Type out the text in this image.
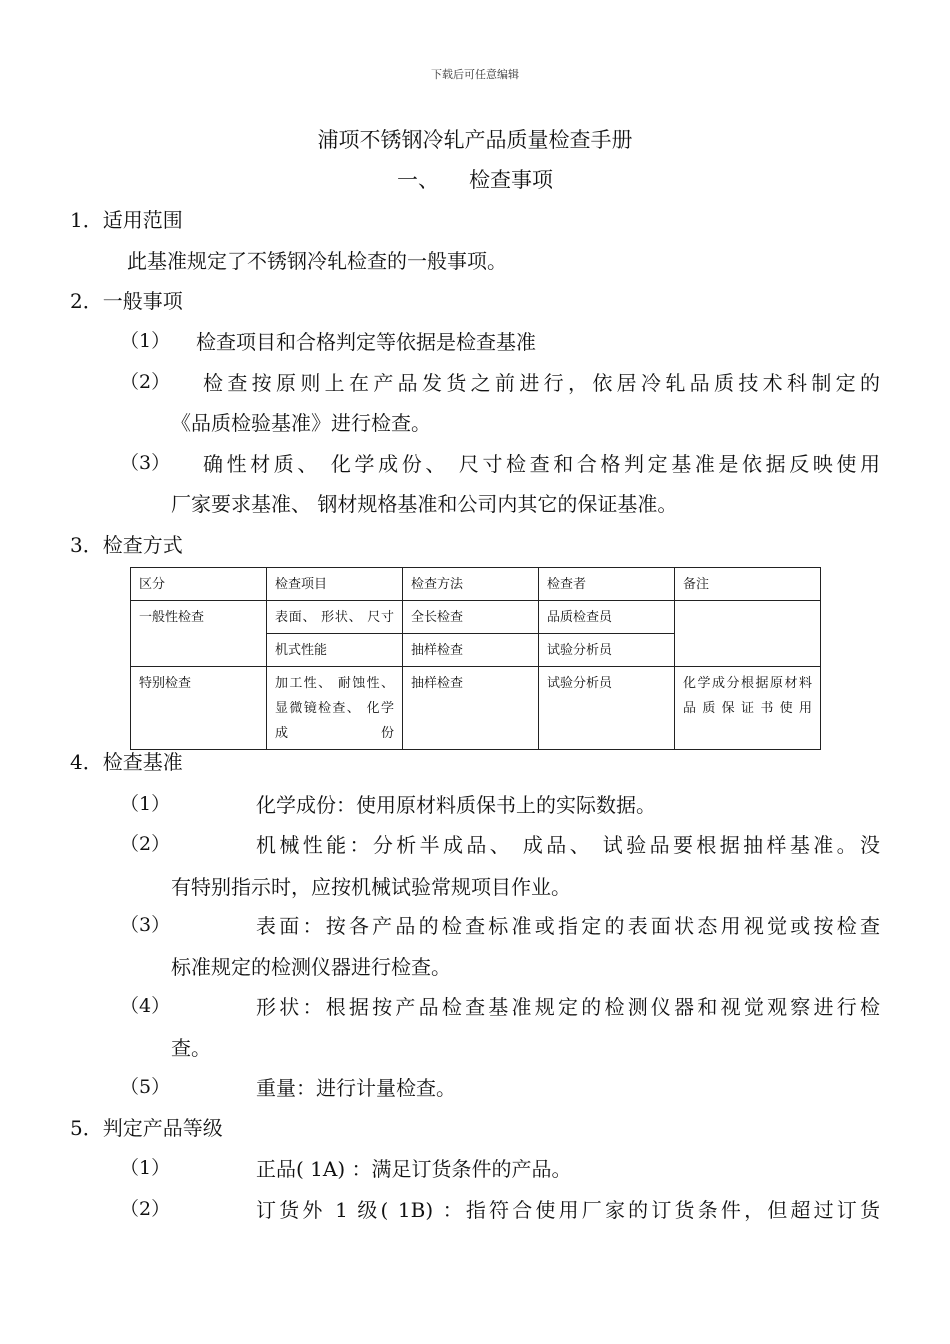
下载后可任意编辑
浦项不锈钢冷轧产品质量检查手册
一、 检查事项
1．适用范围
此基准规定了不锈钢冷轧检查的一般事项。
2．一般事项
（1） 检查项目和合格判定等依据是检查基准
（2） 检查按原则上在产品发货之前进行，依居冷轧品质技术科制定的
《品质检验基准》进行检查。
（3） 确性材质、 化学成份、 尺寸检查和合格判定基准是依据反映使用
厂家要求基准、 钢材规格基准和公司内其它的保证基准。
3．检查方式
区分	检查项目	检查方法	检查者	备注
一般性检查	表面、 形状、 尺寸	全长检查	品质检查员	
	机式性能	抽样检查	试验分析员	
特别检查	加工性、 耐蚀性、 显微镜检查、 化学成份	抽样检查	试验分析员	化学成分根据原材料品质保证书使用
4．检查基准
（1）	化学成份：使用原材料质保书上的实际数据。
（2）	机械性能：分析半成品、 成品、 试验品要根据抽样基准。没
有特别指示时，应按机械试验常规项目作业。
（3）	表面：按各产品的检查标准或指定的表面状态用视觉或按检查
标准规定的检测仪器进行检查。
（4）	形状：根据按产品检查基准规定的检测仪器和视觉观察进行检
查。
（5）	重量：进行计量检查。
5．判定产品等级
（1）	正品( 1A) ：满足订货条件的产品。
（2）	订货外 1 级( 1B) ：指符合使用厂家的订货条件，但超过订货
